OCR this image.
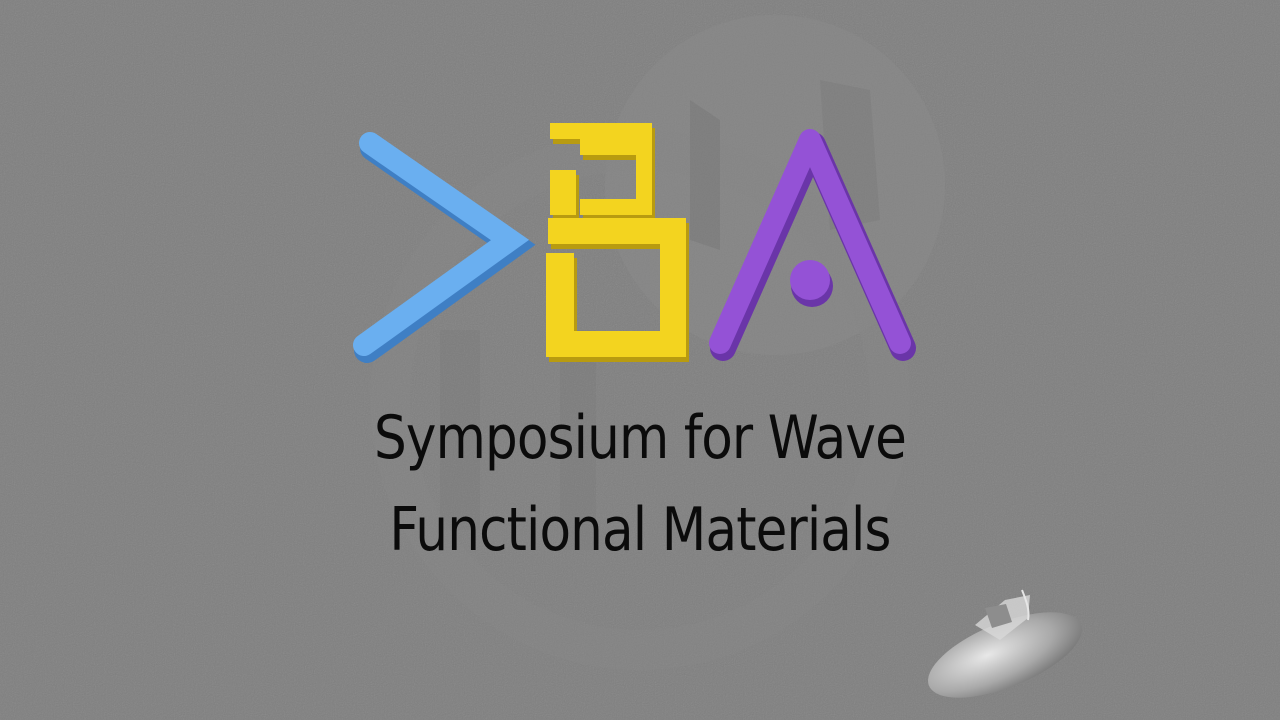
Symposium for Wave
Functional Materials
